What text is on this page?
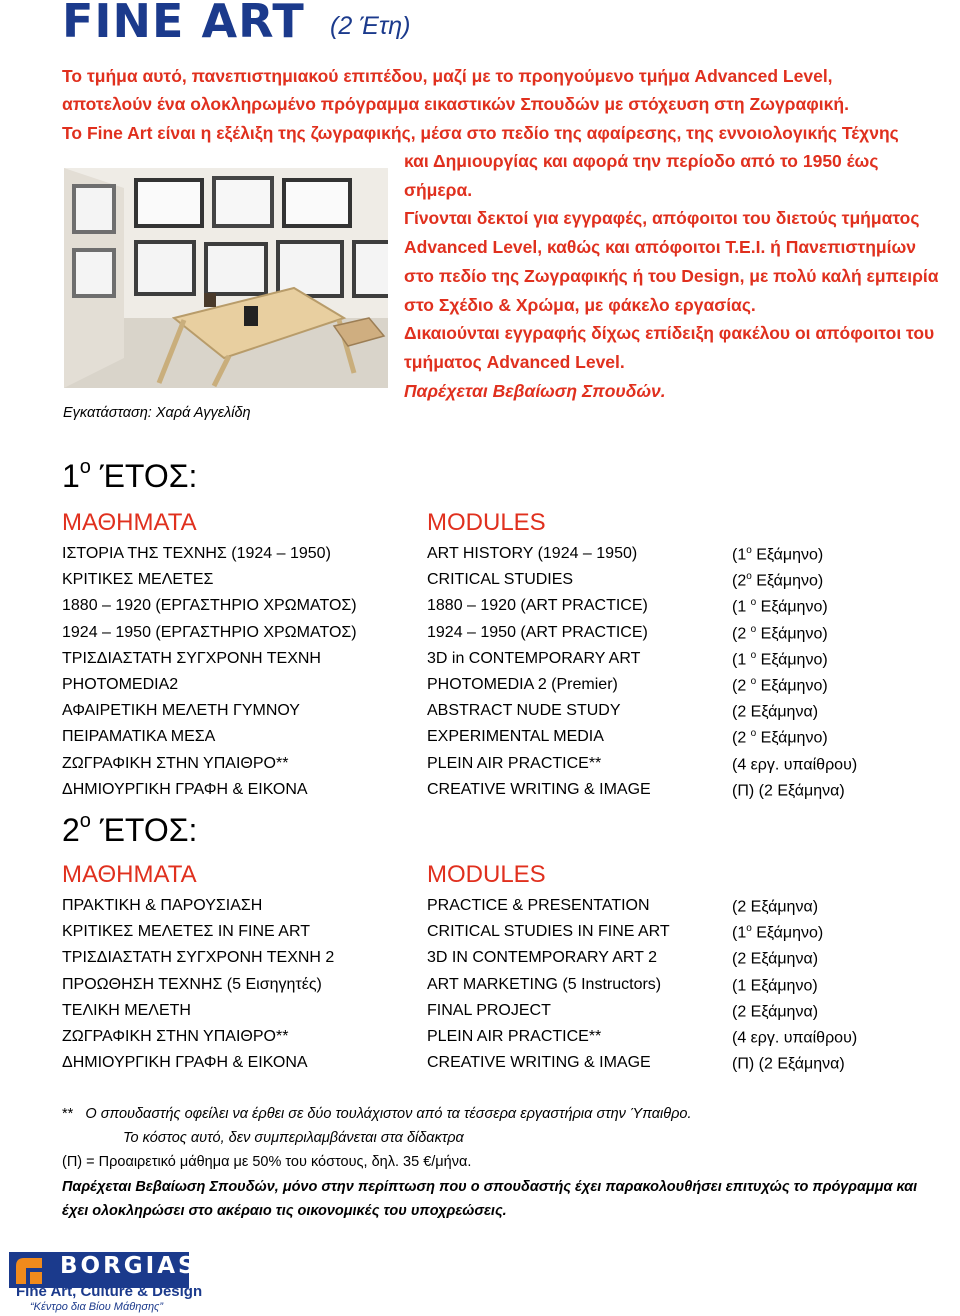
FINE ART (2 Έτη)
Το τμήμα αυτό, πανεπιστημιακού επιπέδου, μαζί με το προηγούμενο τμήμα Advanced Level,
αποτελούν ένα ολοκληρωμένο πρόγραμμα εικαστικών Σπουδών με στόχευση στη Ζωγραφική.
Το Fine Art είναι η εξέλιξη της ζωγραφικής, μέσα στο πεδίο της αφαίρεσης, της εννοιολογικής Τέχνης
Εγκατάσταση: Χαρά Αγγελίδη
και Δημιουργίας και αφορά την περίοδο από το 1950 έως
σήμερα.
Γίνονται δεκτοί για εγγραφές, απόφοιτοι του διετούς τμήματος
Advanced Level, καθώς και απόφοιτοι Τ.Ε.Ι. ή Πανεπιστημίων
στο πεδίο της Ζωγραφικής ή του Design, με πολύ καλή εμπειρία
στο Σχέδιο & Χρώμα, με φάκελο εργασίας.
Δικαιούνται εγγραφής δίχως επίδειξη φακέλου οι απόφοιτοι του
τμήματος Advanced Level.
Παρέχεται Βεβαίωση Σπουδών.
$1^o$ ΈΤΟΣ:
ΜΑΘΗΜΑΤΑ	MODULES
ΙΣΤΟΡΙΑ ΤΗΣ ΤΕΧΝΗΣ (1924 – 1950)	ART HISTORY (1924 – 1950)	($1^o$ Εξάμηνο)
ΚΡΙΤΙΚΕΣ ΜΕΛΕΤΕΣ	CRITICAL STUDIES	($2^o$ Εξάμηνο)
1880 – 1920 (ΕΡΓΑΣΤΗΡΙΟ ΧΡΩΜΑΤΟΣ)	1880 – 1920 (ART PRACTICE)	(1 $^o$ Εξάμηνο)
1924 – 1950 (ΕΡΓΑΣΤΗΡΙΟ ΧΡΩΜΑΤΟΣ)	1924 – 1950 (ART PRACTICE)	(2 $^o$ Εξάμηνο)
ΤΡΙΣΔΙΑΣΤΑΤΗ ΣΥΓΧΡΟΝΗ ΤΕΧΝΗ	3D in CONTEMPORARY ART	(1 $^o$ Εξάμηνο)
PHOTOMEDIA2	PHOTOMEDIA 2 (Premier)	(2 $^o$ Εξάμηνο)
ΑΦΑΙΡΕΤΙΚΗ ΜΕΛΕΤΗ ΓΥΜΝΟΥ	ABSTRACT NUDE STUDY	(2 Εξάμηνα)
ΠΕΙΡΑΜΑΤΙΚΑ ΜΕΣΑ	EXPERIMENTAL MEDIA	(2 $^o$ Εξάμηνο)
ΖΩΓΡΑΦΙΚΗ ΣΤΗΝ ΥΠΑΙΘΡΟ**	PLEIN AIR PRACTICE**	(4 εργ. υπαίθρου)
ΔΗΜΙΟΥΡΓΙΚΗ ΓΡΑΦΗ & ΕΙΚΟΝΑ	CREATIVE WRITING & IMAGE	(Π) (2 Εξάμηνα)
$2^o$ ΈΤΟΣ:
ΜΑΘΗΜΑΤΑ	MODULES
ΠΡΑΚΤΙΚΗ & ΠΑΡΟΥΣΙΑΣΗ	PRACTICE & PRESENTATION	(2 Εξάμηνα)
ΚΡΙΤΙΚΕΣ ΜΕΛΕΤΕΣ IN FINE ART	CRITICAL STUDIES IN FINE ART	($1^o$ Εξάμηνο)
ΤΡΙΣΔΙΑΣΤΑΤΗ ΣΥΓΧΡΟΝΗ ΤΕΧΝΗ 2	3D IN CONTEMPORARY ART 2	(2 Εξάμηνα)
ΠΡΟΩΘΗΣΗ ΤΕΧΝΗΣ (5 Εισηγητές)	ART MARKETING (5 Instructors)	(1 Εξάμηνο)
ΤΕΛΙΚΗ ΜΕΛΕΤΗ	FINAL PROJECT	(2 Εξάμηνα)
ΖΩΓΡΑΦΙΚΗ ΣΤΗΝ ΥΠΑΙΘΡΟ**	PLEIN AIR PRACTICE**	(4 εργ. υπαίθρου)
ΔΗΜΙΟΥΡΓΙΚΗ ΓΡΑΦΗ & ΕΙΚΟΝΑ	CREATIVE WRITING & IMAGE	(Π) (2 Εξάμηνα)
** Ο σπουδαστής οφείλει να έρθει σε δύο τουλάχιστον από τα τέσσερα εργαστήρια στην Ύπαιθρο.
Το κόστος αυτό, δεν συμπεριλαμβάνεται στα δίδακτρα
(Π) = Προαιρετικό μάθημα με 50% του κόστους, δηλ. 35 €/μήνα.
Παρέχεται Βεβαίωση Σπουδών, μόνο στην περίπτωση που ο σπουδαστής έχει παρακολουθήσει επιτυχώς το πρόγραμμα και
έχει ολοκληρώσει στο ακέραιο τις οικονομικές του υποχρεώσεις.
BORGIAS
Fine Art, Culture & Design
“Κέντρο δια Βίου Μάθησης”
